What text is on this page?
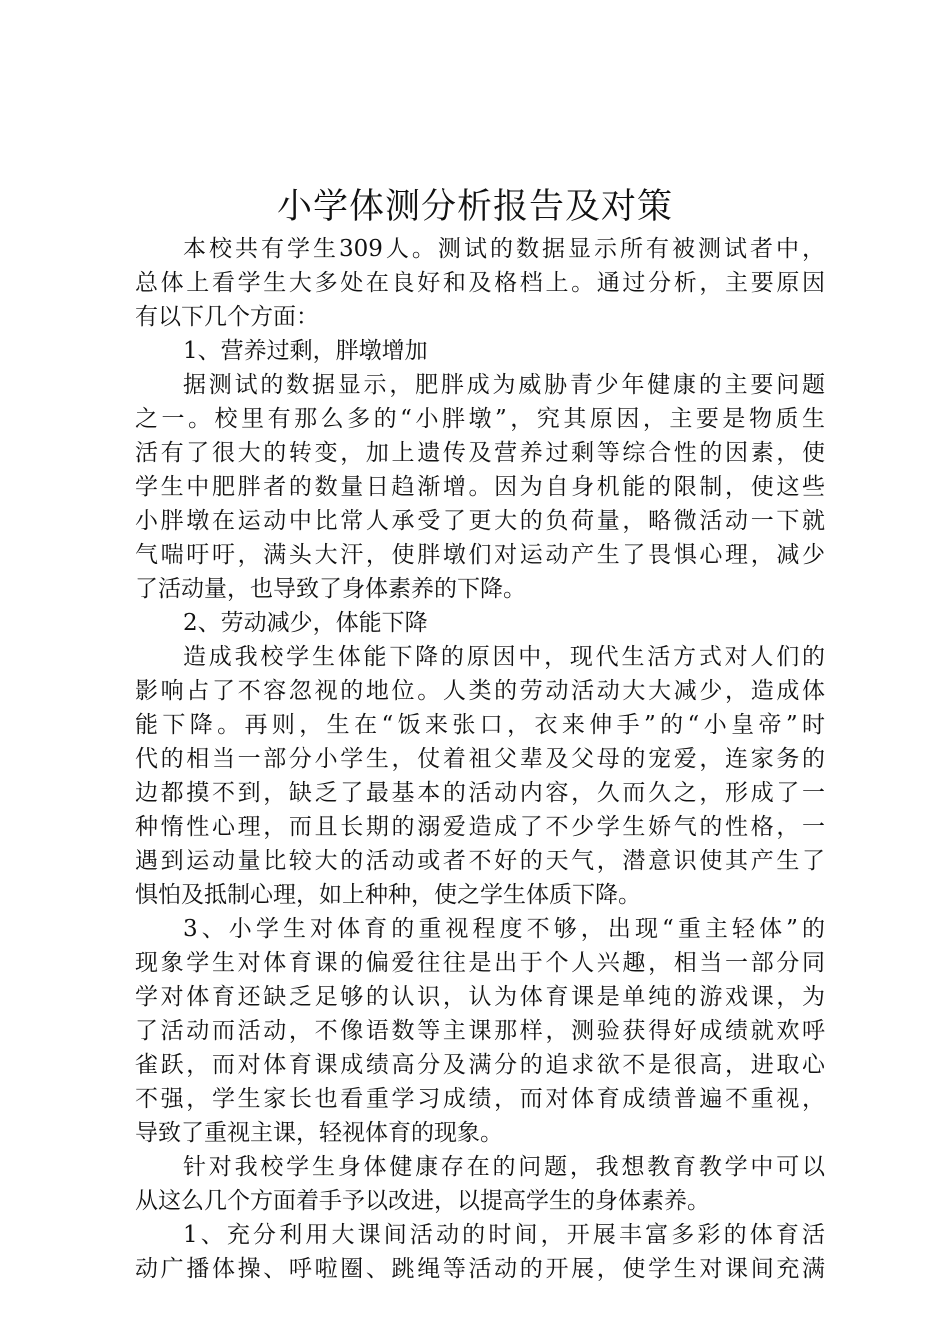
小学体测分析报告及对策
本校共有学生309人。测试的数据显示所有被测试者中，
总体上看学生大多处在良好和及格档上。通过分析，主要原因
有以下几个方面：
1、营养过剩，胖墩增加
据测试的数据显示，肥胖成为威胁青少年健康的主要问题
之一。校里有那么多的“小胖墩”，究其原因，主要是物质生
活有了很大的转变，加上遗传及营养过剩等综合性的因素，使
学生中肥胖者的数量日趋渐增。因为自身机能的限制，使这些
小胖墩在运动中比常人承受了更大的负荷量，略微活动一下就
气喘吁吁，满头大汗，使胖墩们对运动产生了畏惧心理，减少
了活动量，也导致了身体素养的下降。
2、劳动减少，体能下降
造成我校学生体能下降的原因中，现代生活方式对人们的
影响占了不容忽视的地位。人类的劳动活动大大减少，造成体
能下降。再则，生在“饭来张口，衣来伸手”的“小皇帝”时
代的相当一部分小学生，仗着祖父辈及父母的宠爱，连家务的
边都摸不到，缺乏了最基本的活动内容，久而久之，形成了一
种惰性心理，而且长期的溺爱造成了不少学生娇气的性格，一
遇到运动量比较大的活动或者不好的天气，潜意识使其产生了
惧怕及抵制心理，如上种种，使之学生体质下降。
3、小学生对体育的重视程度不够，出现“重主轻体”的
现象学生对体育课的偏爱往往是出于个人兴趣，相当一部分同
学对体育还缺乏足够的认识，认为体育课是单纯的游戏课，为
了活动而活动，不像语数等主课那样，测验获得好成绩就欢呼
雀跃，而对体育课成绩高分及满分的追求欲不是很高，进取心
不强，学生家长也看重学习成绩，而对体育成绩普遍不重视，
导致了重视主课，轻视体育的现象。
针对我校学生身体健康存在的问题，我想教育教学中可以
从这么几个方面着手予以改进，以提高学生的身体素养。
1、充分利用大课间活动的时间，开展丰富多彩的体育活
动广播体操、呼啦圈、跳绳等活动的开展，使学生对课间充满
